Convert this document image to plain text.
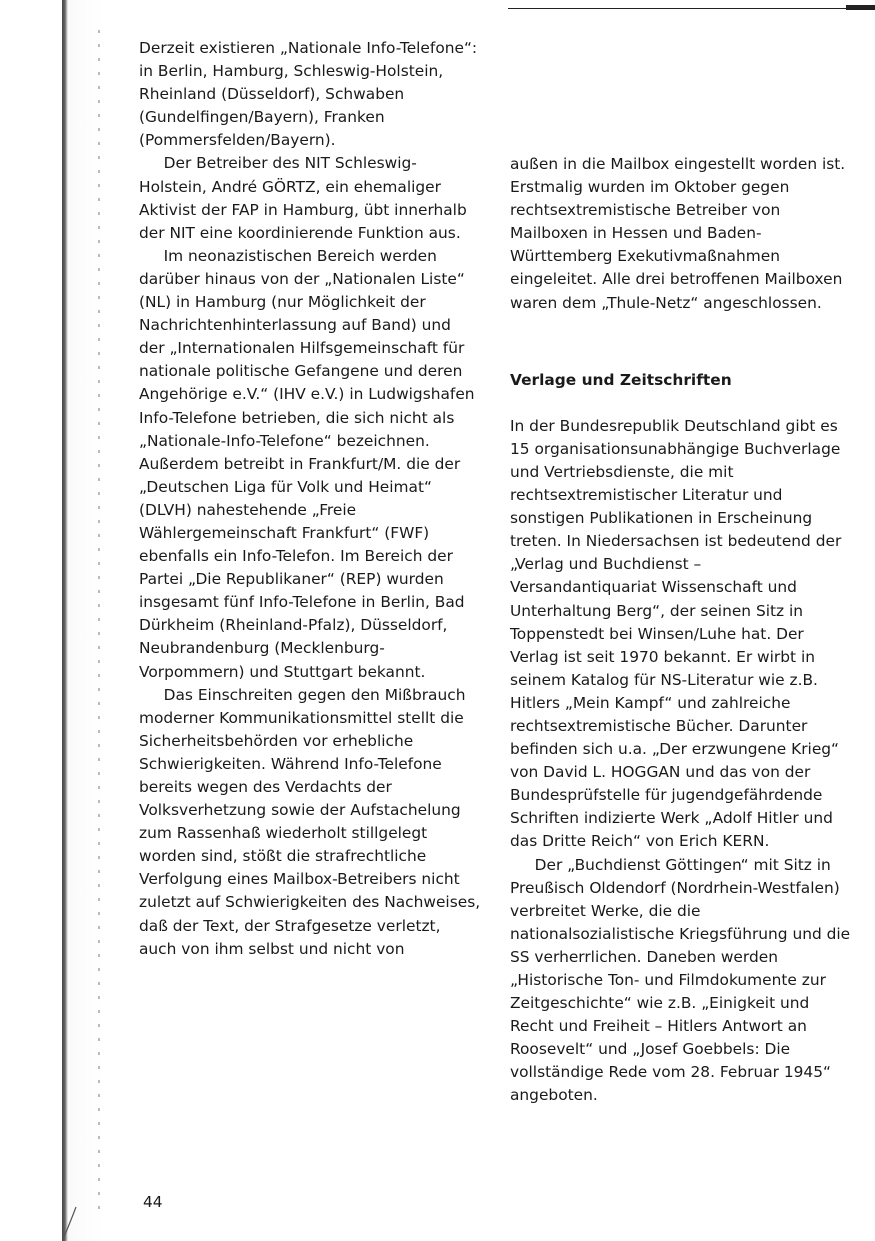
Derzeit existieren „Nationale Info-Telefone“: in Berlin, Hamburg, Schleswig-Holstein, Rheinland (Düsseldorf), Schwaben (Gundelfingen/Bayern), Franken (Pommersfelden/Bayern).

Der Betreiber des NIT Schleswig-Holstein, André GÖRTZ, ein ehemaliger Aktivist der FAP in Hamburg, übt innerhalb der NIT eine koordinierende Funktion aus.

Im neonazistischen Bereich werden darüber hinaus von der „Nationalen Liste“ (NL) in Hamburg (nur Möglichkeit der Nachrichtenhinterlassung auf Band) und der „Internationalen Hilfsgemeinschaft für nationale politische Gefangene und deren Angehörige e.V.“ (IHV e.V.) in Ludwigshafen Info-Telefone betrieben, die sich nicht als „Nationale-Info-Telefone“ bezeichnen. Außerdem betreibt in Frankfurt/M. die der „Deutschen Liga für Volk und Heimat“ (DLVH) nahestehende „Freie Wählergemeinschaft Frankfurt“ (FWF) ebenfalls ein Info-Telefon. Im Bereich der Partei „Die Republikaner“ (REP) wurden insgesamt fünf Info-Telefone in Berlin, Bad Dürkheim (Rheinland-Pfalz), Düsseldorf, Neubrandenburg (Mecklenburg-Vorpommern) und Stuttgart bekannt.

Das Einschreiten gegen den Mißbrauch moderner Kommunikationsmittel stellt die Sicherheitsbehörden vor erhebliche Schwierigkeiten. Während Info-Telefone bereits wegen des Verdachts der Volksverhetzung sowie der Aufstachelung zum Rassenhaß wiederholt stillgelegt worden sind, stößt die strafrechtliche Verfolgung eines Mailbox-Betreibers nicht zuletzt auf Schwierigkeiten des Nachweises, daß der Text, der Strafgesetze verletzt, auch von ihm selbst und nicht von

außen in die Mailbox eingestellt worden ist. Erstmalig wurden im Oktober gegen rechtsextremistische Betreiber von Mailboxen in Hessen und Baden-Württemberg Exekutivmaßnahmen eingeleitet. Alle drei betroffenen Mailboxen waren dem „Thule-Netz“ angeschlossen.

Verlage und Zeitschriften

In der Bundesrepublik Deutschland gibt es 15 organisationsunabhängige Buchverlage und Vertriebsdienste, die mit rechtsextremistischer Literatur und sonstigen Publikationen in Erscheinung treten. In Niedersachsen ist bedeutend der „Verlag und Buchdienst – Versandantiquariat Wissenschaft und Unterhaltung Berg“, der seinen Sitz in Toppenstedt bei Winsen/Luhe hat. Der Verlag ist seit 1970 bekannt. Er wirbt in seinem Katalog für NS-Literatur wie z.B. Hitlers „Mein Kampf“ und zahlreiche rechtsextremistische Bücher. Darunter befinden sich u.a. „Der erzwungene Krieg“ von David L. HOGGAN und das von der Bundesprüfstelle für jugendgefährdende Schriften indizierte Werk „Adolf Hitler und das Dritte Reich“ von Erich KERN.

Der „Buchdienst Göttingen“ mit Sitz in Preußisch Oldendorf (Nordrhein-Westfalen) verbreitet Werke, die die nationalsozialistische Kriegsführung und die SS verherrlichen. Daneben werden „Historische Ton- und Filmdokumente zur Zeitgeschichte“ wie z.B. „Einigkeit und Recht und Freiheit – Hitlers Antwort an Roosevelt“ und „Josef Goebbels: Die vollständige Rede vom 28. Februar 1945“ angeboten.

44
